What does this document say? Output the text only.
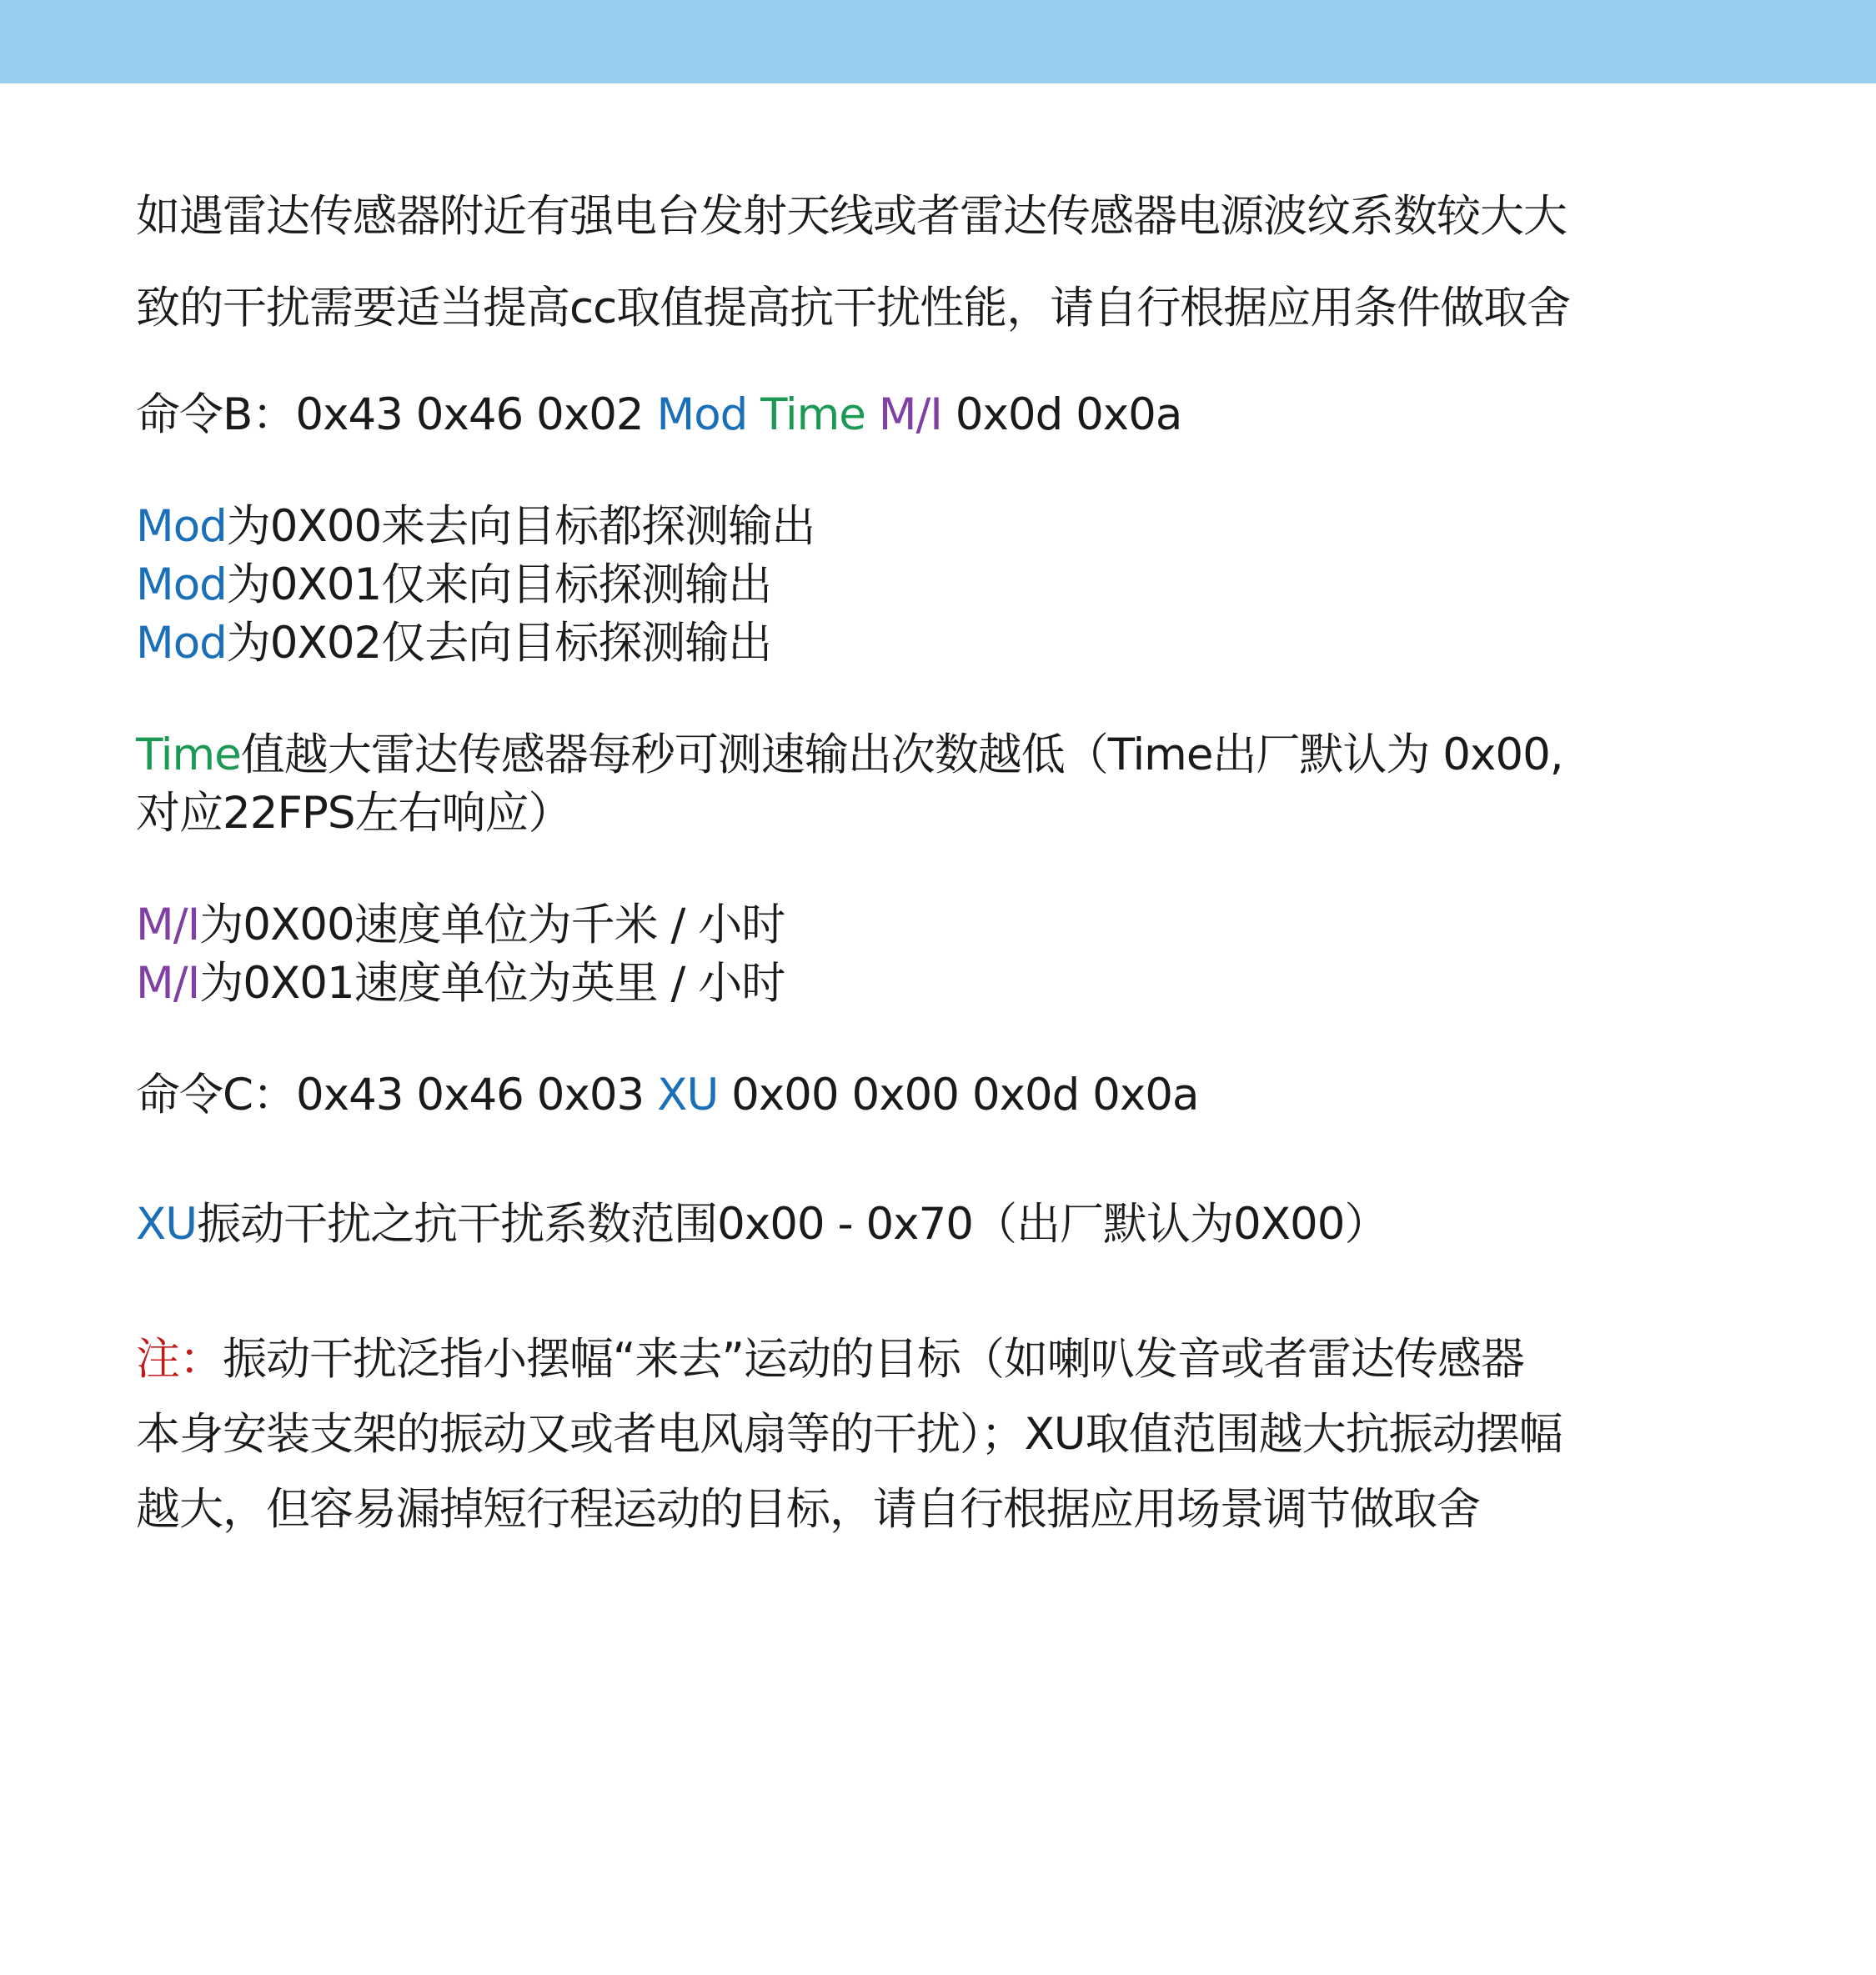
如遇雷达传感器附近有强电台发射天线或者雷达传感器电源波纹系数较大大
致的干扰需要适当提高cc取值提高抗干扰性能，请自行根据应用条件做取舍
命令B：0x43 0x46 0x02 Mod Time M/I 0x0d 0x0a
Mod为0X00来去向目标都探测输出
Mod为0X01仅来向目标探测输出
Mod为0X02仅去向目标探测输出
Time值越大雷达传感器每秒可测速输出次数越低（Time出厂默认为 0x00,
对应22FPS左右响应）
M/I为0X00速度单位为千米 / 小时
M/I为0X01速度单位为英里 / 小时
命令C：0x43 0x46 0x03 XU 0x00 0x00 0x0d 0x0a
XU振动干扰之抗干扰系数范围0x00 - 0x70（出厂默认为0X00）
注：振动干扰泛指小摆幅“来去”运动的目标（如喇叭发音或者雷达传感器
本身安装支架的振动又或者电风扇等的干扰）；XU取值范围越大抗振动摆幅
越大，但容易漏掉短行程运动的目标，请自行根据应用场景调节做取舍
